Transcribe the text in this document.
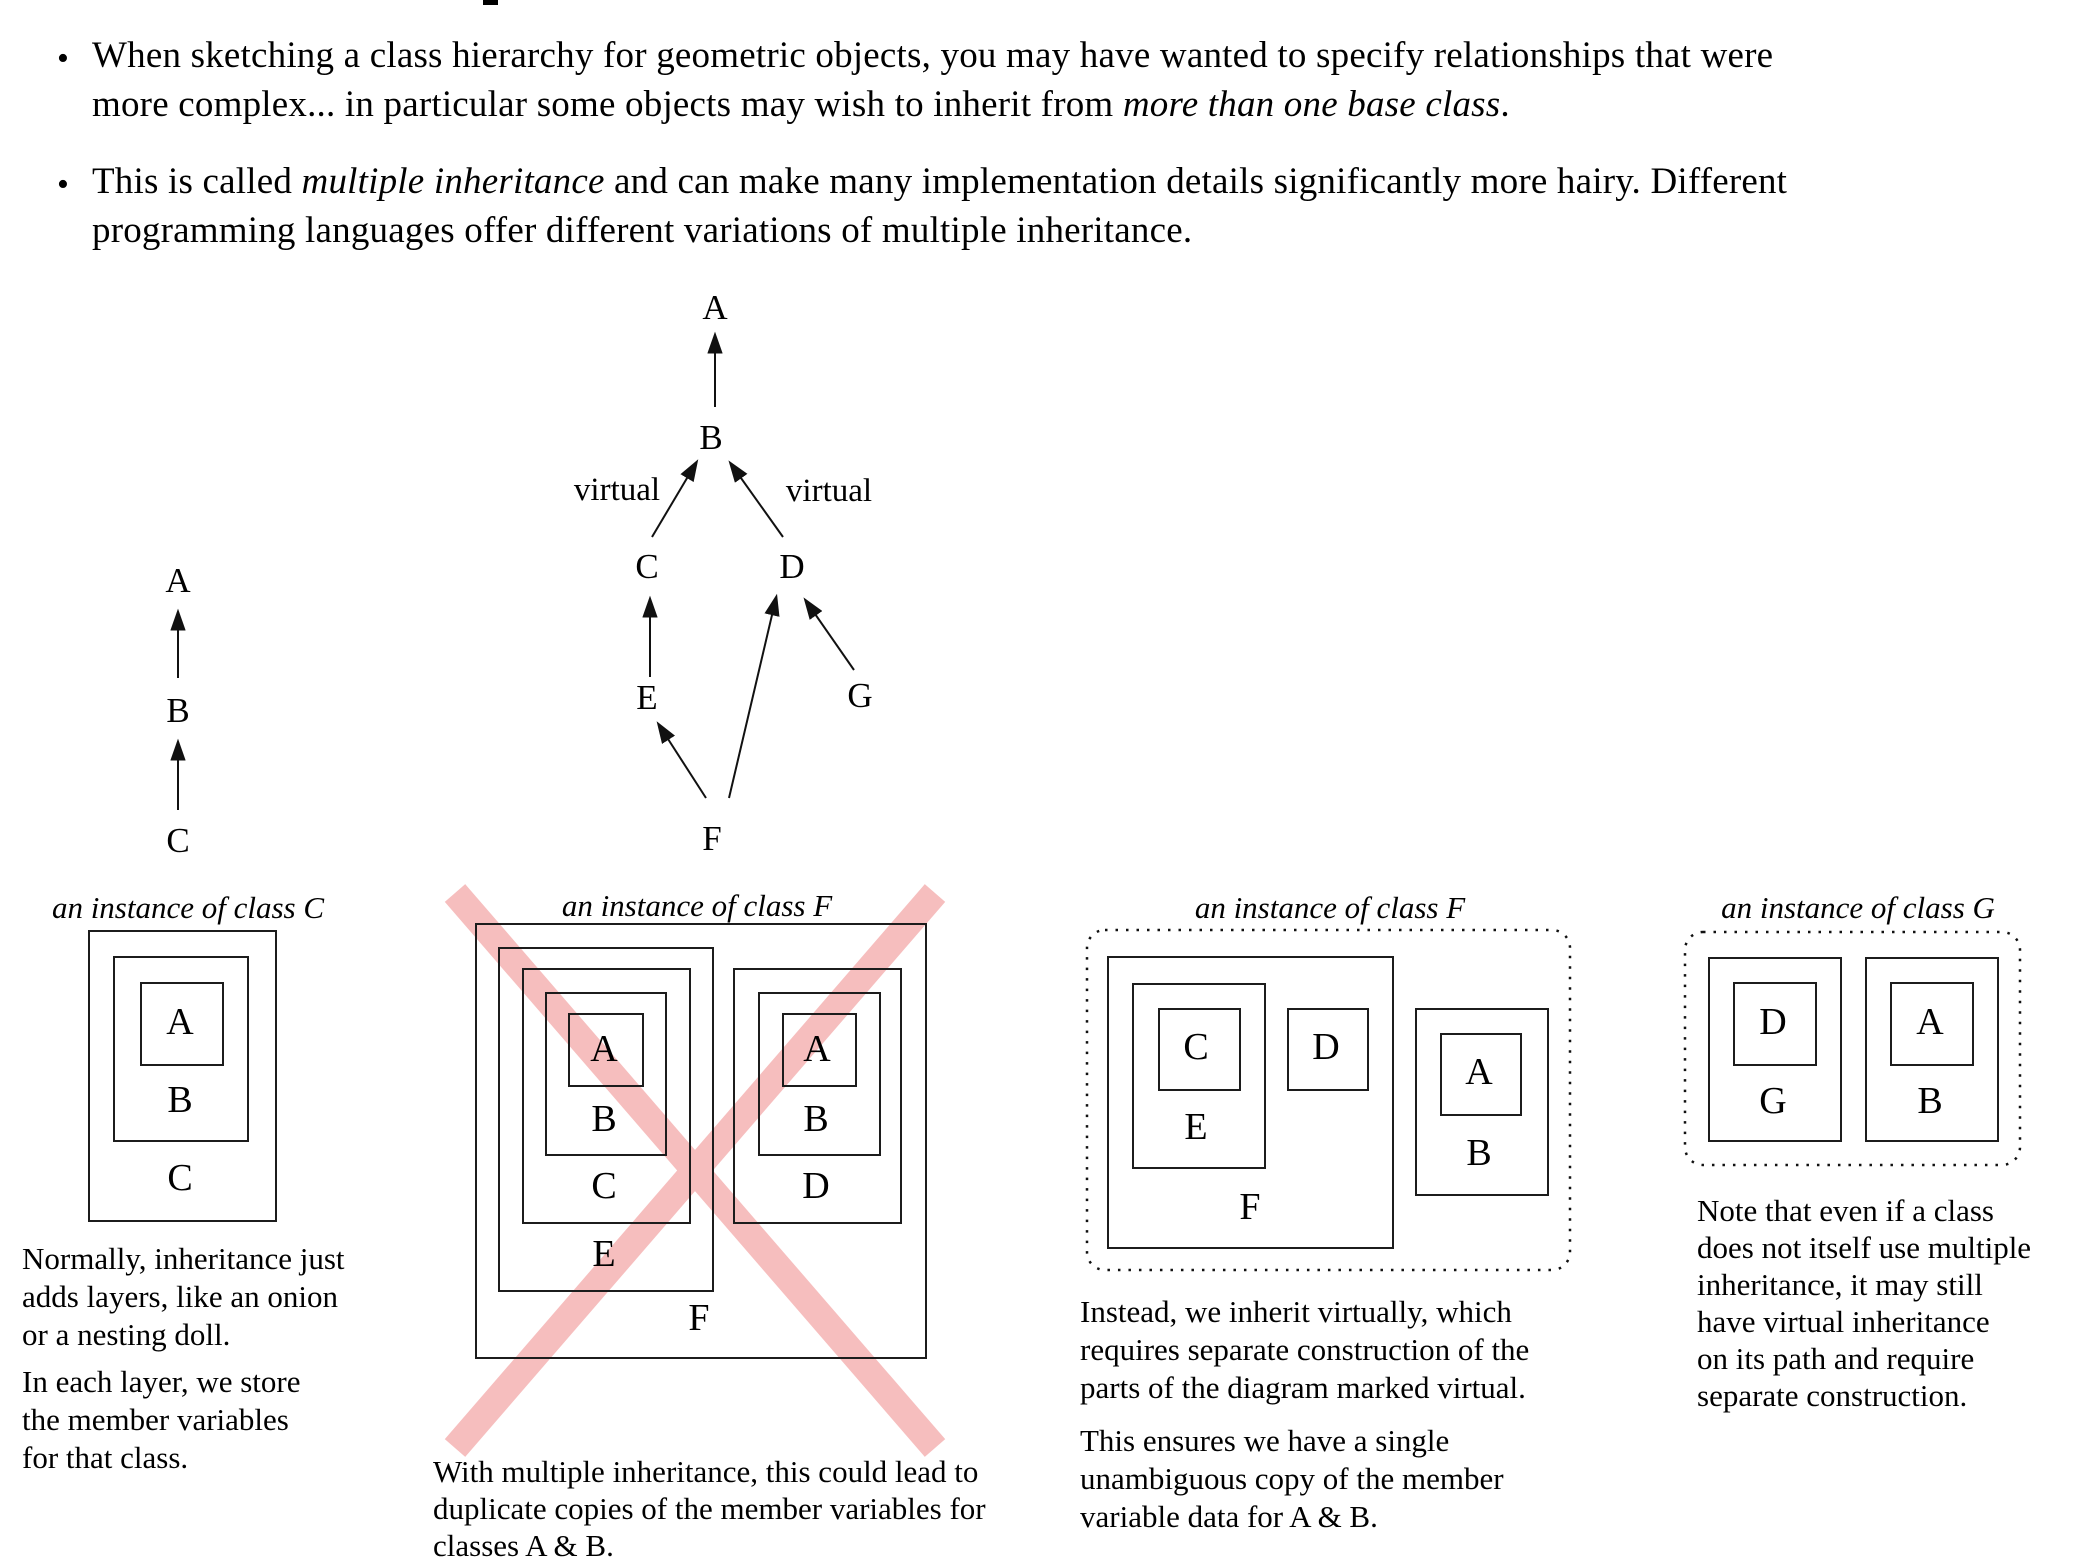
• When sketching a class hierarchy for geometric objects, you may have wanted to specify relationships that were
more complex... in particular some objects may wish to inherit from more than one base class.
• This is called multiple inheritance and can make many implementation details significantly more hairy. Different
programming languages offer different variations of multiple inheritance.
A
B
C
A
B
C	D
E	G
F
virtual	virtual
an instance of class C
A
B
C
an instance of class F
A
B
C
E
F
A
B
D
an instance of class F
C	D
E
F
A
B
an instance of class G
D
G
A
B
Normally, inheritance just
adds layers, like an onion
or a nesting doll.
In each layer, we store
the member variables
for that class.	With multiple inheritance, this could lead to
duplicate copies of the member variables for
classes A & B.
Instead, we inherit virtually, which
requires separate construction of the
parts of the diagram marked virtual.
This ensures we have a single
unambiguous copy of the member
variable data for A & B.
Note that even if a class
does not itself use multiple
inheritance, it may still
have virtual inheritance
on its path and require
separate construction.
